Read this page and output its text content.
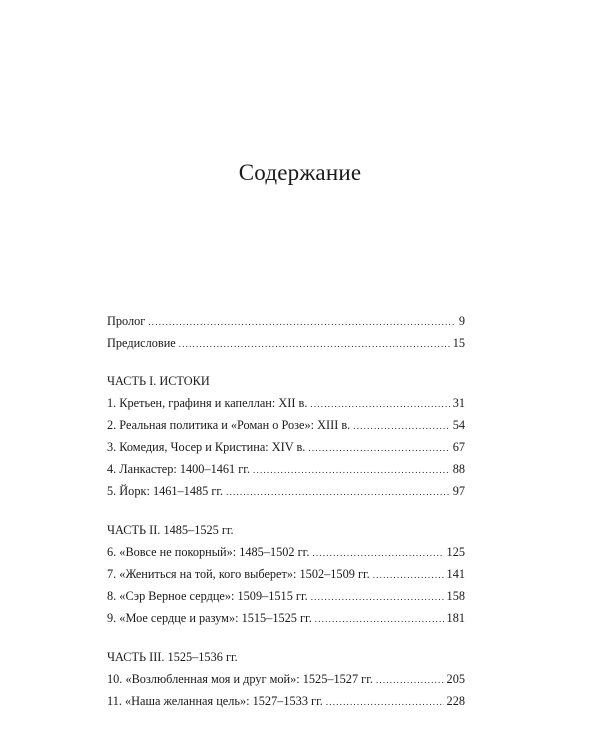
Содержание
Пролог .....	9
Предисловие .....	15
ЧАСТЬ I. ИСТОКИ
1. Кретьен, графиня и капеллан: XII в. .....	31
2. Реальная политика и «Роман о Розе»: XIII в. .....	54
3. Комедия, Чосер и Кристина: XIV в. .....	67
4. Ланкастер: 1400–1461 гг. .....	88
5. Йорк: 1461–1485 гг. .....	97
ЧАСТЬ II. 1485–1525 гг.
6. «Вовсе не покорный»: 1485–1502 гг. .....	125
7. «Жениться на той, кого выберет»: 1502–1509 гг. .....	141
8. «Сэр Верное сердце»: 1509–1515 гг. .....	158
9. «Мое сердце и разум»: 1515–1525 гг. .....	181
ЧАСТЬ III. 1525–1536 гг.
10. «Возлюбленная моя и друг мой»: 1525–1527 гг. .....	205
11. «Наша желанная цель»: 1527–1533 гг. .....	228
